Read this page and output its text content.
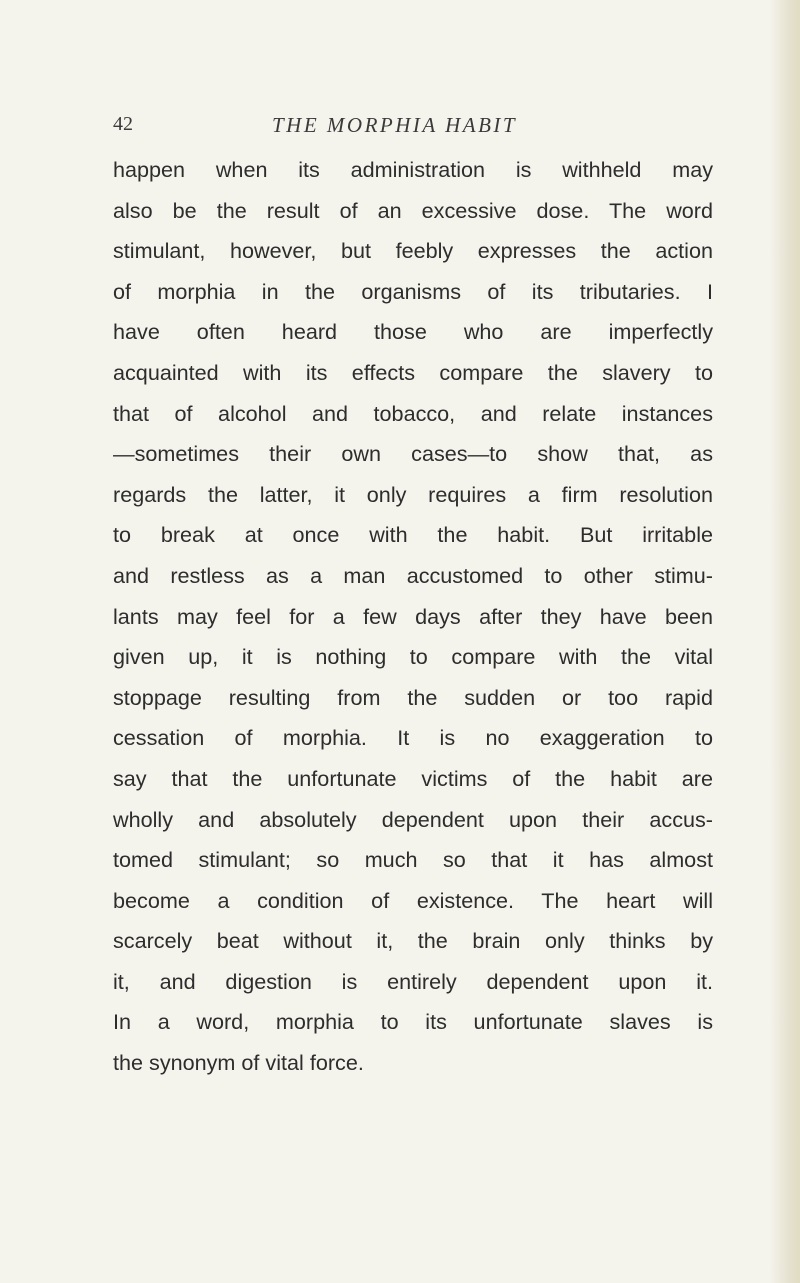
42	THE MORPHIA HABIT
happen when its administration is withheld may
also be the result of an excessive dose. The word
stimulant, however, but feebly expresses the action
of morphia in the organisms of its tributaries. I
have often heard those who are imperfectly
acquainted with its effects compare the slavery to
that of alcohol and tobacco, and relate instances
—sometimes their own cases—to show that, as
regards the latter, it only requires a firm resolution
to break at once with the habit. But irritable
and restless as a man accustomed to other stimu-
lants may feel for a few days after they have been
given up, it is nothing to compare with the vital
stoppage resulting from the sudden or too rapid
cessation of morphia. It is no exaggeration to
say that the unfortunate victims of the habit are
wholly and absolutely dependent upon their accus-
tomed stimulant; so much so that it has almost
become a condition of existence. The heart will
scarcely beat without it, the brain only thinks by
it, and digestion is entirely dependent upon it.
In a word, morphia to its unfortunate slaves is
the synonym of vital force.
